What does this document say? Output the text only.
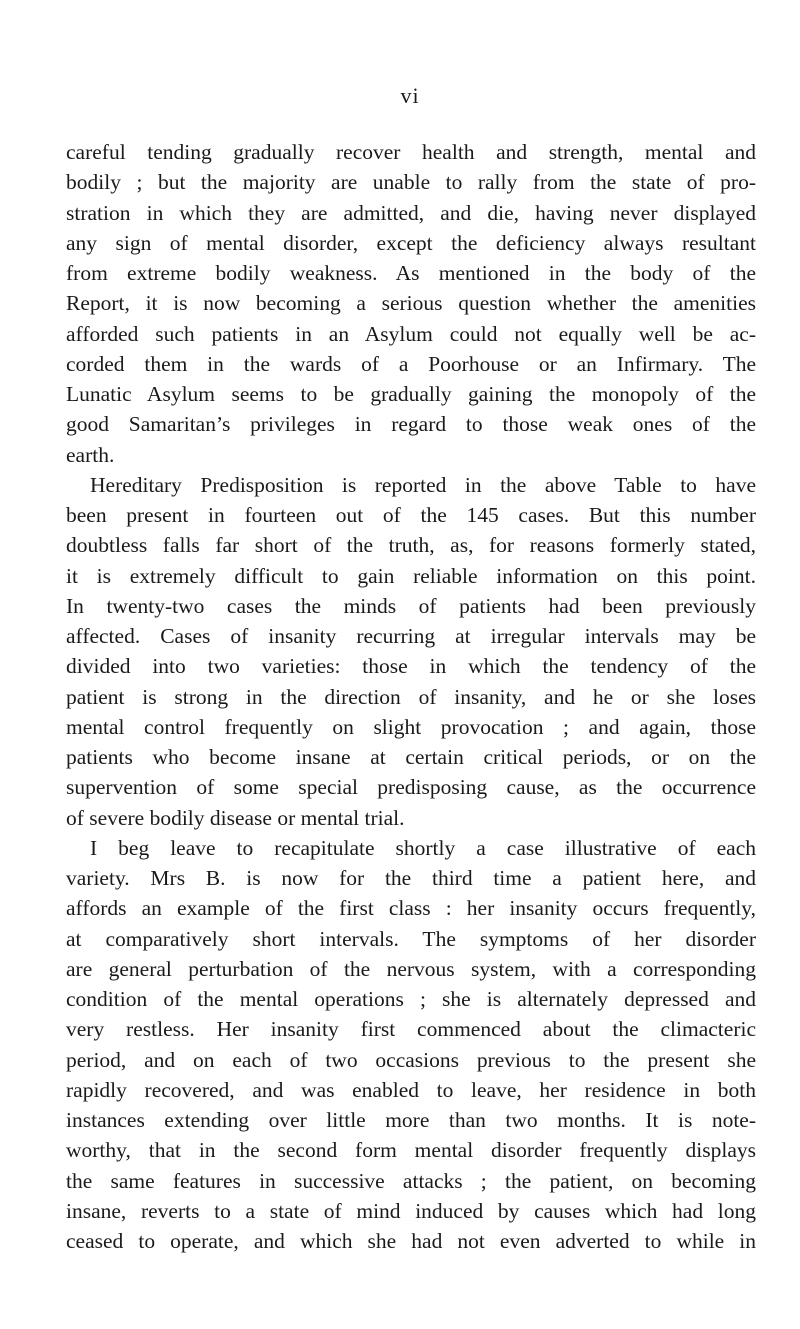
vi
careful tending gradually recover health and strength, mental and
bodily ; but the majority are unable to rally from the state of pro-
stration in which they are admitted, and die, having never displayed
any sign of mental disorder, except the deficiency always resultant
from extreme bodily weakness. As mentioned in the body of the
Report, it is now becoming a serious question whether the amenities
afforded such patients in an Asylum could not equally well be ac-
corded them in the wards of a Poorhouse or an Infirmary. The
Lunatic Asylum seems to be gradually gaining the monopoly of the
good Samaritan’s privileges in regard to those weak ones of the
earth.
Hereditary Predisposition is reported in the above Table to have
been present in fourteen out of the 145 cases. But this number
doubtless falls far short of the truth, as, for reasons formerly stated,
it is extremely difficult to gain reliable information on this point.
In twenty-two cases the minds of patients had been previously
affected. Cases of insanity recurring at irregular intervals may be
divided into two varieties: those in which the tendency of the
patient is strong in the direction of insanity, and he or she loses
mental control frequently on slight provocation ; and again, those
patients who become insane at certain critical periods, or on the
supervention of some special predisposing cause, as the occurrence
of severe bodily disease or mental trial.
I beg leave to recapitulate shortly a case illustrative of each
variety. Mrs B. is now for the third time a patient here, and
affords an example of the first class : her insanity occurs frequently,
at comparatively short intervals. The symptoms of her disorder
are general perturbation of the nervous system, with a corresponding
condition of the mental operations ; she is alternately depressed and
very restless. Her insanity first commenced about the climacteric
period, and on each of two occasions previous to the present she
rapidly recovered, and was enabled to leave, her residence in both
instances extending over little more than two months. It is note-
worthy, that in the second form mental disorder frequently displays
the same features in successive attacks ; the patient, on becoming
insane, reverts to a state of mind induced by causes which had long
ceased to operate, and which she had not even adverted to while in
